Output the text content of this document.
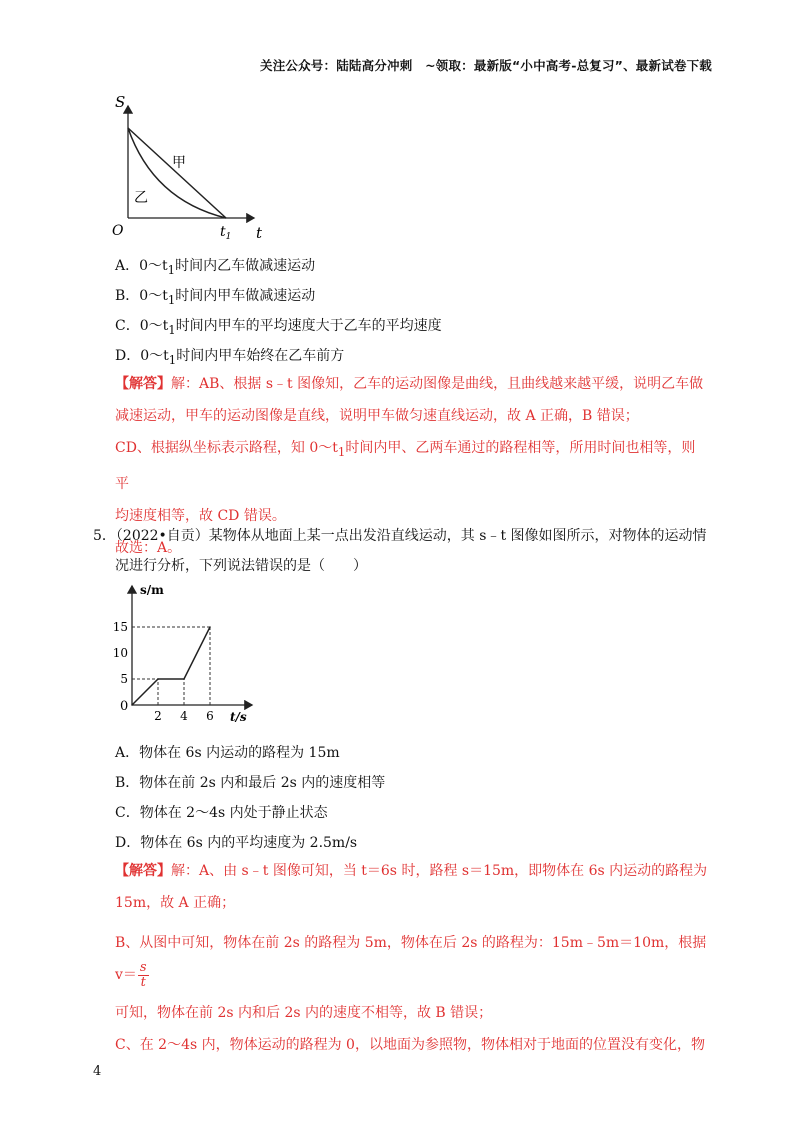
关注公众号：陆陆高分冲刺　~领取：最新版“小中高考-总复习”、最新试卷下载
S
t
O	$t_1$
甲
乙
A．$0\sim t_1$时间内乙车做减速运动
B．$0\sim t_1$时间内甲车做减速运动
C．$0\sim t_1$时间内甲车的平均速度大于乙车的平均速度
D．$0\sim t_1$时间内甲车始终在乙车前方
【解答】解：AB、根据 s﹣t 图像知，乙车的运动图像是曲线，且曲线越来越平缓，说明乙车做
减速运动，甲车的运动图像是直线，说明甲车做匀速直线运动，故 A 正确，B 错误；
CD、根据纵坐标表示路程，知 $0\sim t_1$时间内甲、乙两车通过的路程相等，所用时间也相等，则平
均速度相等，故 CD 错误。
故选：A。
5．（2022•自贡）某物体从地面上某一点出发沿直线运动，其 s﹣t 图像如图所示，对物体的运动情
况进行分析，下列说法错误的是（　　）
5
10
15
2 4 6
s/m
t/s
0
A．物体在 6s 内运动的路程为 15m
B．物体在前 2s 内和最后 2s 内的速度相等
C．物体在 2～4s 内处于静止状态
D．物体在 6s 内的平均速度为 2.5m/s
【解答】解：A、由 s﹣t 图像可知，当 t＝6s 时，路程 s＝15m，即物体在 6s 内运动的路程为
15m，故 A 正确；
B、从图中可知，物体在前 2s 的路程为 5m，物体在后 2s 的路程为：15m﹣5m＝10m，根据 $v= \frac{s}{t}$
可知，物体在前 2s 内和后 2s 内的速度不相等，故 B 错误；
C、在 2～4s 内，物体运动的路程为 0，以地面为参照物，物体相对于地面的位置没有变化，物
4
